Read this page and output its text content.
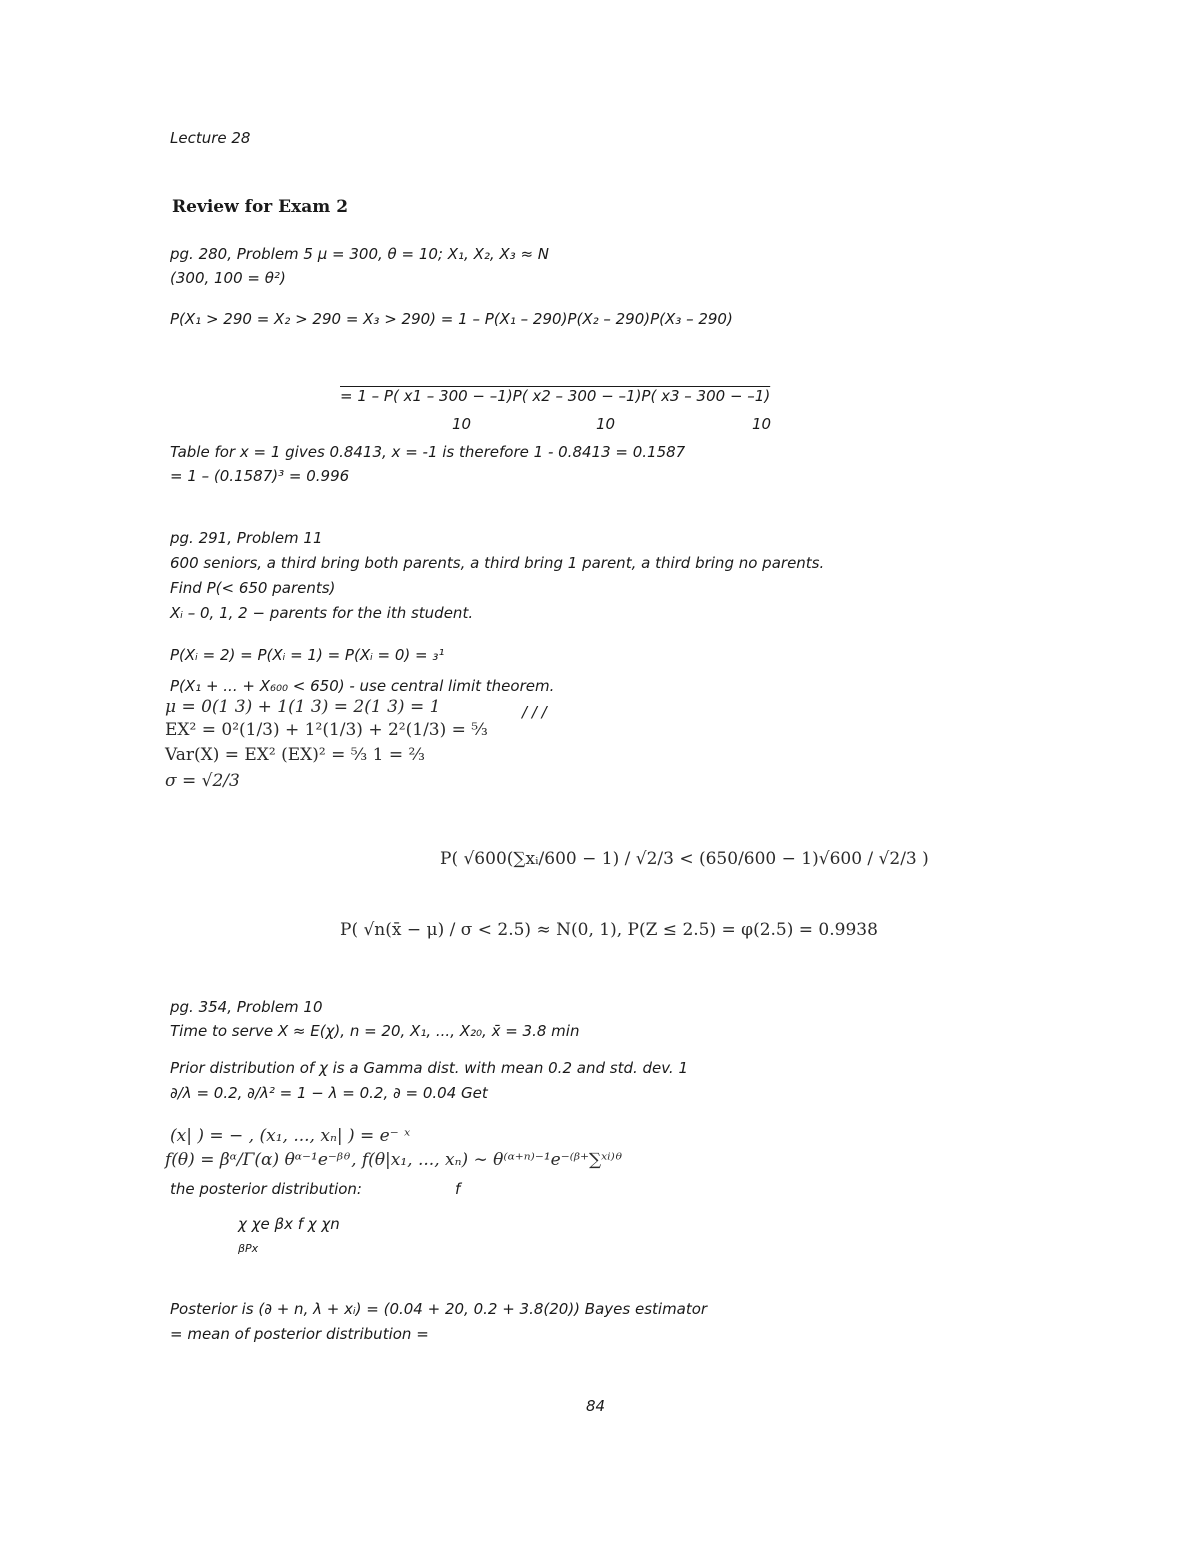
Lecture 28
Review for Exam 2
pg. 280, Problem 5 μ = 300, θ = 10; X₁, X₂, X₃ ≈ N
(300, 100 = θ²)
P(X₁ > 290 = X₂ > 290 = X₃ > 290) = 1 – P(X₁ – 290)P(X₂ – 290)P(X₃ – 290)
= 1 – P( x1 – 300 − –1)P( x2 – 300 − –1)P( x3 – 300 − –1)
10	10	10
Table for x = 1 gives 0.8413, x = -1 is therefore 1 - 0.8413 = 0.1587
= 1 – (0.1587)³ = 0.996
pg. 291, Problem 11
600 seniors, a third bring both parents, a third bring 1 parent, a third bring no parents.
Find P(< 650 parents)
Xᵢ – 0, 1, 2 − parents for the ith student.
P(Xᵢ = 2) = P(Xᵢ = 1) = P(Xᵢ = 0) = ₃¹
P(X₁ + ... + X₆₀₀ < 650) - use central limit theorem.
μ = 0(1 3) + 1(1 3) = 2(1 3) = 1	/ / /
EX² = 0²(1/3) + 1²(1/3) + 2²(1/3) = ⁵⁄₃
Var(X) = EX² (EX)² = ⁵⁄₃ 1 = ²⁄₃
σ = √2/3
P( √600(∑xᵢ/600 − 1) / √2/3 < (650/600 − 1)√600 / √2/3 )
P( √n(x̄ − μ) / σ < 2.5) ≈ N(0, 1), P(Z ≤ 2.5) = φ(2.5) = 0.9938
pg. 354, Problem 10
Time to serve X ≈ E(χ), n = 20, X₁, ..., X₂₀, x̄ = 3.8 min
Prior distribution of χ is a Gamma dist. with mean 0.2 and std. dev. 1
∂/λ = 0.2, ∂/λ² = 1 − λ = 0.2, ∂ = 0.04 Get
(x| ) = − , (x₁, ..., xₙ| ) = e⁻ ˣ
f(θ) = βᵅ/Γ(α) θᵅ⁻¹e⁻ᵝᶿ, f(θ|x₁, ..., xₙ) ∼ θ⁽ᵅ⁺ⁿ⁾⁻¹e⁻⁽ᵝ⁺∑ˣⁱ⁾ᶿ
the posterior distribution:	f
χ χe βx f χ χn
βPx
Posterior is (∂ + n, λ + xᵢ) = (0.04 + 20, 0.2 + 3.8(20)) Bayes estimator
= mean of posterior distribution =
84
